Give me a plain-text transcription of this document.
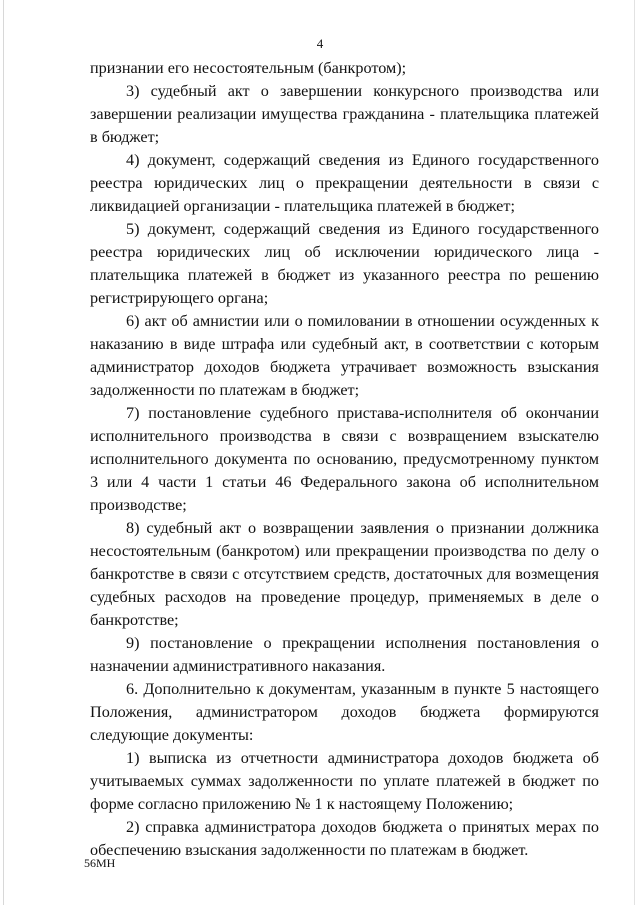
4

признании его несостоятельным (банкротом);

3) судебный акт о завершении конкурсного производства или завершении реализации имущества гражданина - плательщика платежей в бюджет;

4) документ, содержащий сведения из Единого государственного реестра юридических лиц о прекращении деятельности в связи с ликвидацией организации - плательщика платежей в бюджет;

5) документ, содержащий сведения из Единого государственного реестра юридических лиц об исключении юридического лица - плательщика платежей в бюджет из указанного реестра по решению регистрирующего органа;

6) акт об амнистии или о помиловании в отношении осужденных к наказанию в виде штрафа или судебный акт, в соответствии с которым администратор доходов бюджета утрачивает возможность взыскания задолженности по платежам в бюджет;

7) постановление судебного пристава-исполнителя об окончании исполнительного производства в связи с возвращением взыскателю исполнительного документа по основанию, предусмотренному пунктом 3 или 4 части 1 статьи 46 Федерального закона об исполнительном производстве;

8) судебный акт о возвращении заявления о признании должника несостоятельным (банкротом) или прекращении производства по делу о банкротстве в связи с отсутствием средств, достаточных для возмещения судебных расходов на проведение процедур, применяемых в деле о банкротстве;

9) постановление о прекращении исполнения постановления о назначении административного наказания.

6. Дополнительно к документам, указанным в пункте 5 настоящего Положения, администратором доходов бюджета формируются следующие документы:

1) выписка из отчетности администратора доходов бюджета об учитываемых суммах задолженности по уплате платежей в бюджет по форме согласно приложению № 1 к настоящему Положению;

2) справка администратора доходов бюджета о принятых мерах по обеспечению взыскания задолженности по платежам в бюджет.

56МН
